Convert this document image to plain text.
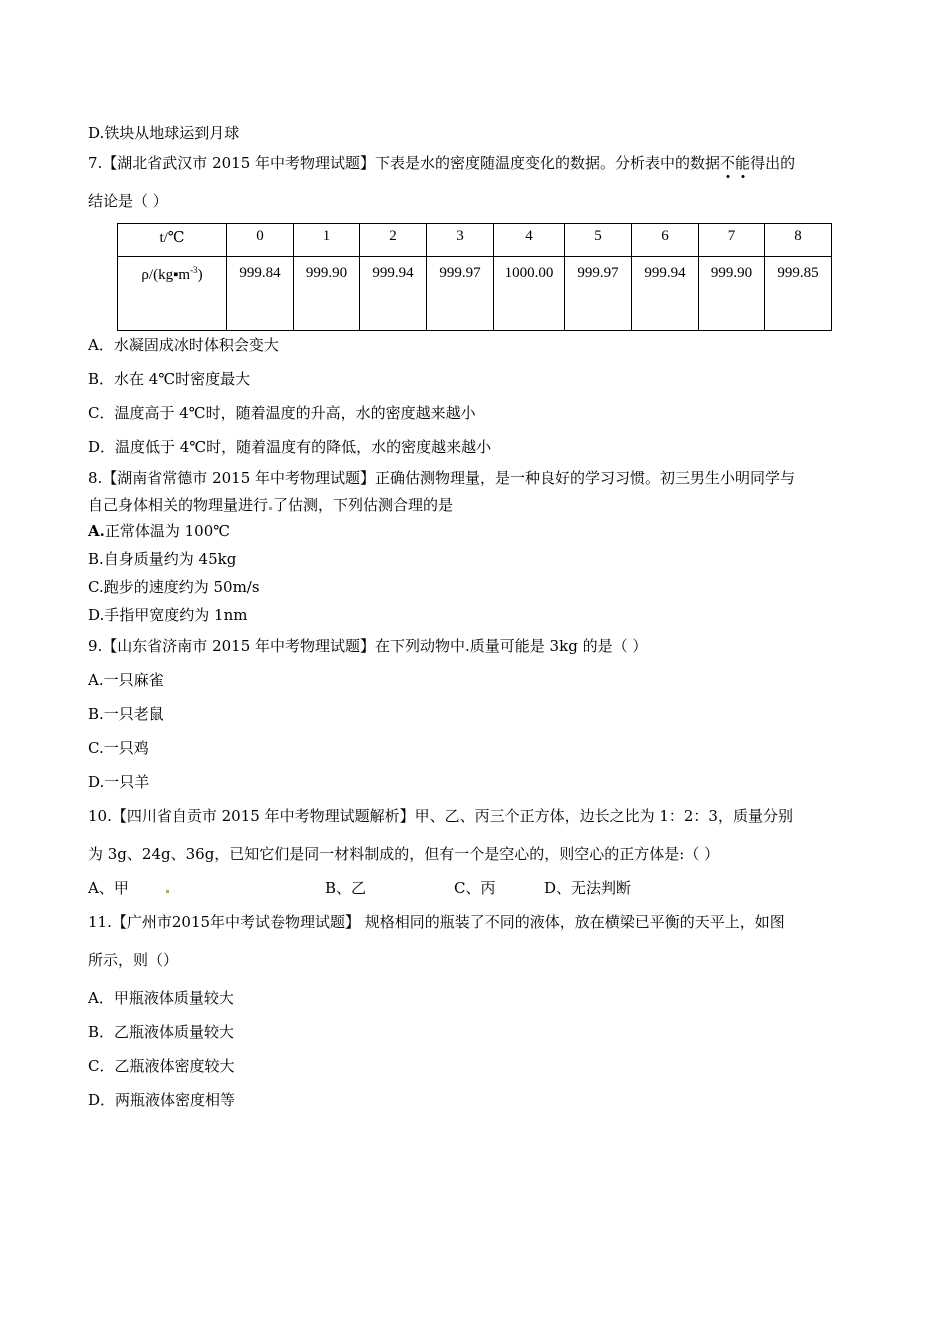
D.铁块从地球运到月球
7.【湖北省武汉市 2015 年中考物理试题】下表是水的密度随温度变化的数据。分析表中的数据不能得出的
结论是（ ）
t/℃	0	1	2	3	4	5	6	7	8
$\rho/(kg▪m^{-3})$	999.84	999.90	999.94	999.97	1000.00	999.97	999.94	999.90	999.85
A．水凝固成冰时体积会变大
B．水在 4℃时密度最大
C．温度高于 4℃时，随着温度的升高，水的密度越来越小
D．温度低于 4℃时，随着温度有的降低，水的密度越来越小
8.【湖南省常德市 2015 年中考物理试题】正确估测物理量，是一种良好的学习习惯。初三男生小明同学与
自己身体相关的物理量进行 了估测，下列估测合理的是
A.正常体温为 100℃
B.自身质量约为 45kg
C.跑步的速度约为 50m/s
D.手指甲宽度约为 1nm
9.【山东省济南市 2015 年中考物理试题】在下列动物中.质量可能是 3kg 的是（ ）
A.一只麻雀
B.一只老鼠
C.一只鸡
D.一只羊
10.【四川省自贡市 2015 年中考物理试题解析】甲、乙、丙三个正方体，边长之比为 1：2：3，质量分别
为 3g、24g、36g，已知它们是同一材料制成的，但有一个是空心的，则空心的正方体是:（ ）
A、甲	B、乙	C、丙	D、无法判断
11.【广州市2015年中考试卷物理试题】 规格相同的瓶装了不同的液体，放在横梁已平衡的天平上，如图
所示，则（）
A．甲瓶液体质量较大
B．乙瓶液体质量较大
C．乙瓶液体密度较大
D．两瓶液体密度相等
